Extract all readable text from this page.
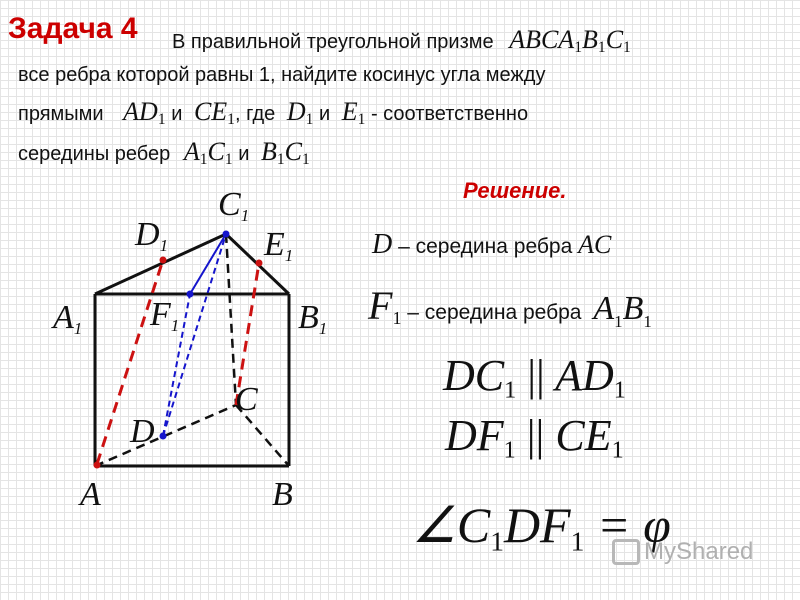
Задача 4 В правильной треугольной призме $ABCA_1B_1C_1$
все ребра которой равны 1, найдите косинус угла между
прямыми $AD_1$ и $CE_1$, где $D_1$ и $E_1$ - соответственно
середины ребер $A_1C_1$ и $B_1C_1$
Решение.
C1
D1	E1
A1 F1	B1
C
D
A	B
D – середина ребра AC
$F_1$ – середина ребра $A_1B_1$
$DC_1$ || $AD_1$
$DF_1$ || $CE_1$
$\angle C_1DF_1 = \varphi$
MyShared
